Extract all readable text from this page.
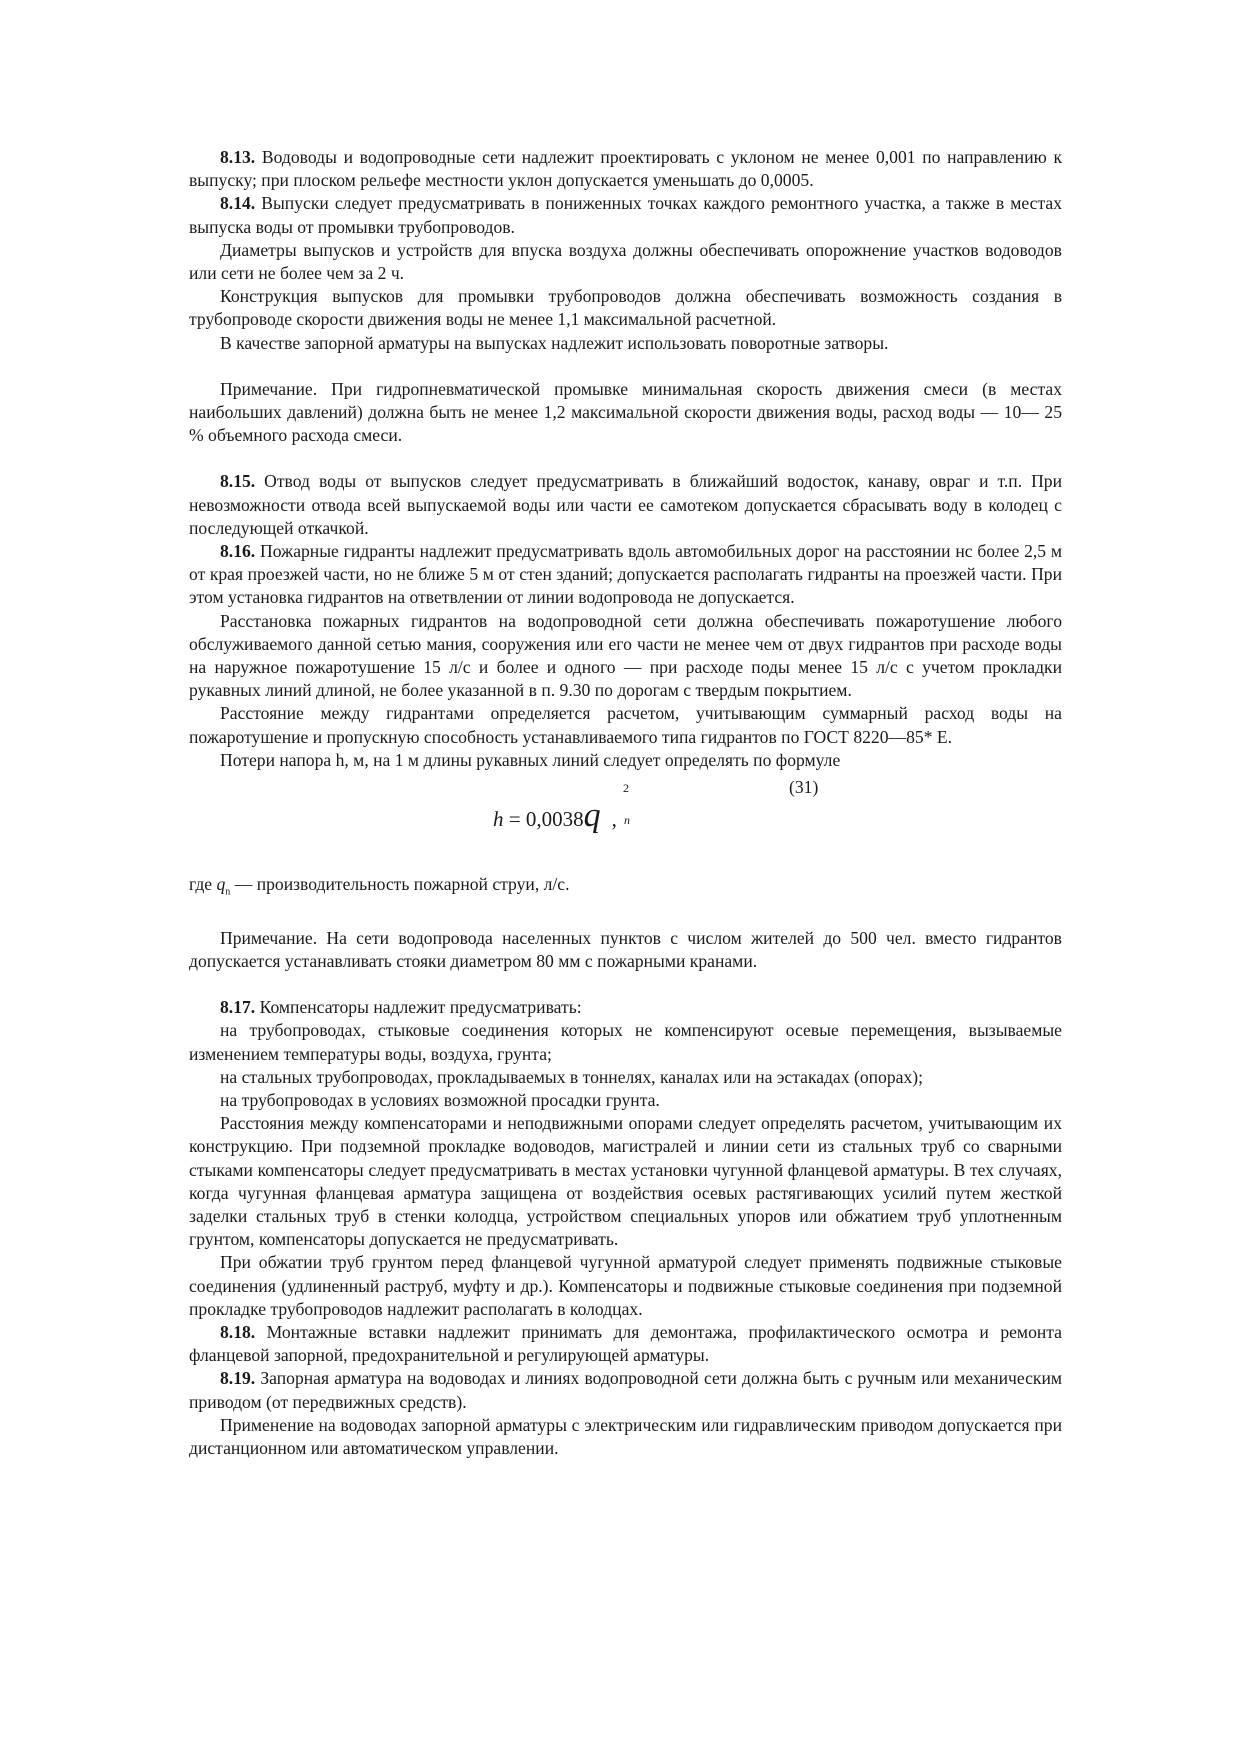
8.13. Водоводы и водопроводные сети надлежит проектировать с уклоном не менее 0,001 по направлению к выпуску; при плоском рельефе местности уклон допускается уменьшать до 0,0005.

8.14. Выпуски следует предусматривать в пониженных точках каждого ремонтного участка, а также в местах выпуска воды от промывки трубопроводов.

Диаметры выпусков и устройств для впуска воздуха должны обеспечивать опорожнение участков водоводов или сети не более чем за 2 ч.

Конструкция выпусков для промывки трубопроводов должна обеспечивать возможность создания в трубопроводе скорости движения воды не менее 1,1 максимальной расчетной.

В качестве запорной арматуры на выпусках надлежит использовать поворотные затворы.

Примечание. При гидропневматической промывке минимальная скорость движения смеси (в местах наибольших давлений) должна быть не менее 1,2 максимальной скорости движения воды, расход воды — 10— 25 % объемного расхода смеси.

8.15. Отвод воды от выпусков следует предусматривать в ближайший водосток, канаву, овраг и т.п. При невозможности отвода всей выпускаемой воды или части ее самотеком допускается сбрасывать воду в колодец с последующей откачкой.

8.16. Пожарные гидранты надлежит предусматривать вдоль автомобильных дорог на расстоянии нс более 2,5 м от края проезжей части, но не ближе 5 м от стен зданий; допускается располагать гидранты на проезжей части. При этом установка гидрантов на ответвлении от линии водопровода не допускается.

Расстановка пожарных гидрантов на водопроводной сети должна обеспечивать пожаротушение любого обслуживаемого данной сетью мания, сооружения или его части не менее чем от двух гидрантов при расходе воды на наружное пожаротушение 15 л/с и более и одного — при расходе поды менее 15 л/с с учетом прокладки рукавных линий длиной, не более указанной в п. 9.30 по дорогам с твердым покрытием.

Расстояние между гидрантами определяется расчетом, учитывающим суммарный расход воды на пожаротушение и пропускную способность устанавливаемого типа гидрантов по ГОСТ 8220—85* Е.

Потери напора h, м, на 1 м длины рукавных линий следует определять по формуле

(31)
h = 0,0038q
2
n
,

где $q_n$ — производительность пожарной струи, л/с.

Примечание. На сети водопровода населенных пунктов с числом жителей до 500 чел. вместо гидрантов допускается устанавливать стояки диаметром 80 мм с пожарными кранами.

8.17. Компенсаторы надлежит предусматривать:

на трубопроводах, стыковые соединения которых не компенсируют осевые перемещения, вызываемые изменением температуры воды, воздуха, грунта;

на стальных трубопроводах, прокладываемых в тоннелях, каналах или на эстакадах (опорах);

на трубопроводах в условиях возможной просадки грунта.

Расстояния между компенсаторами и неподвижными опорами следует определять расчетом, учитывающим их конструкцию. При подземной прокладке водоводов, магистралей и линии сети из стальных труб со сварными стыками компенсаторы следует предусматривать в местах установки чугунной фланцевой арматуры. В тех случаях, когда чугунная фланцевая арматура защищена от воздействия осевых растягивающих усилий путем жесткой заделки стальных труб в стенки колодца, устройством специальных упоров или обжатием труб уплотненным грунтом, компенсаторы допускается не предусматривать.

При обжатии труб грунтом перед фланцевой чугунной арматурой следует применять подвижные стыковые соединения (удлиненный раструб, муфту и др.). Компенсаторы и подвижные стыковые соединения при подземной прокладке трубопроводов надлежит располагать в колодцах.

8.18. Монтажные вставки надлежит принимать для демонтажа, профилактического осмотра и ремонта фланцевой запорной, предохранительной и регулирующей арматуры.

8.19. Запорная арматура на водоводах и линиях водопроводной сети должна быть с ручным или механическим приводом (от передвижных средств).

Применение на водоводах запорной арматуры с электрическим или гидравлическим приводом допускается при дистанционном или автоматическом управлении.
